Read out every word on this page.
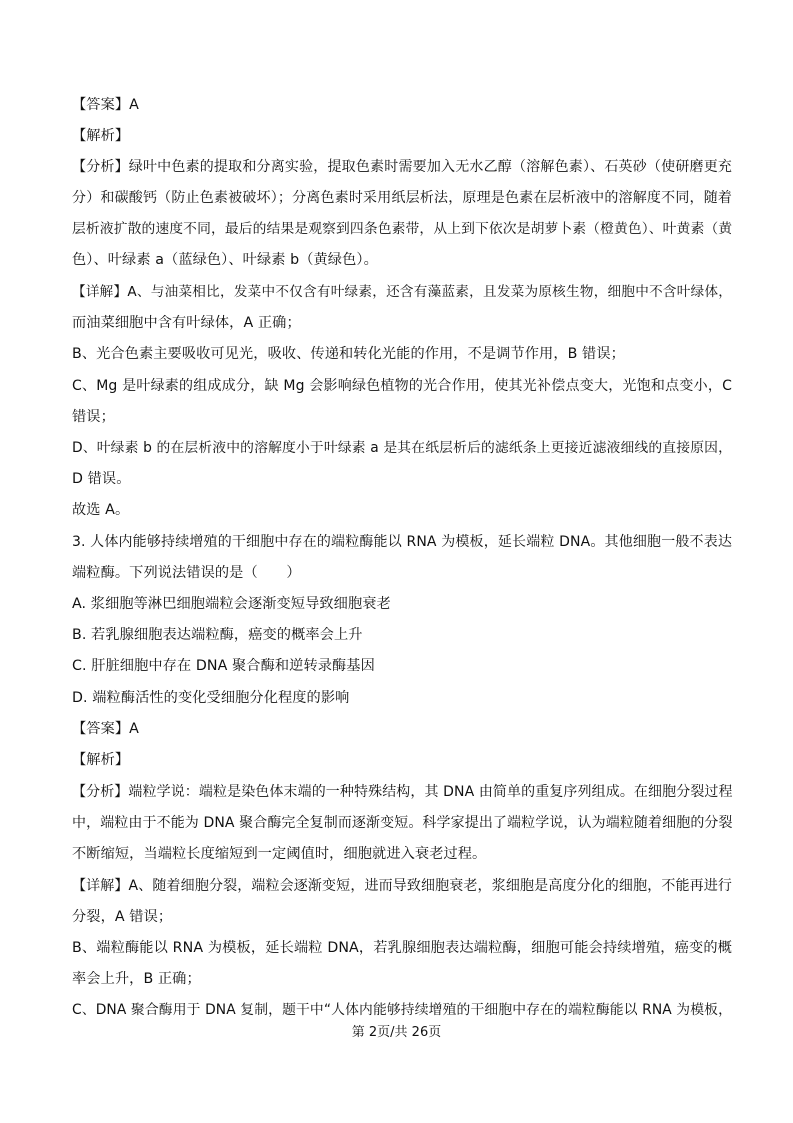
【答案】A
【解析】
【分析】绿叶中色素的提取和分离实验，提取色素时需要加入无水乙醇（溶解色素）、石英砂（使研磨更充
分）和碳酸钙（防止色素被破坏）；分离色素时采用纸层析法，原理是色素在层析液中的溶解度不同，随着
层析液扩散的速度不同，最后的结果是观察到四条色素带，从上到下依次是胡萝卜素（橙黄色）、叶黄素（黄
色）、叶绿素 a（蓝绿色）、叶绿素 b（黄绿色）。
【详解】A、与油菜相比，发菜中不仅含有叶绿素，还含有藻蓝素，且发菜为原核生物，细胞中不含叶绿体，
而油菜细胞中含有叶绿体，A 正确；
B、光合色素主要吸收可见光，吸收、传递和转化光能的作用，不是调节作用，B 错误；
C、Mg 是叶绿素的组成成分，缺 Mg 会影响绿色植物的光合作用，使其光补偿点变大，光饱和点变小，C
错误；
D、叶绿素 b 的在层析液中的溶解度小于叶绿素 a 是其在纸层析后的滤纸条上更接近滤液细线的直接原因，
D 错误。
故选 A。
3. 人体内能够持续增殖的干细胞中存在的端粒酶能以 RNA 为模板，延长端粒 DNA。其他细胞一般不表达
端粒酶。下列说法错误的是（　　）
A. 浆细胞等淋巴细胞端粒会逐渐变短导致细胞衰老
B. 若乳腺细胞表达端粒酶，癌变的概率会上升
C. 肝脏细胞中存在 DNA 聚合酶和逆转录酶基因
D. 端粒酶活性的变化受细胞分化程度的影响
【答案】A
【解析】
【分析】端粒学说：端粒是染色体末端的一种特殊结构，其 DNA 由简单的重复序列组成。在细胞分裂过程
中，端粒由于不能为 DNA 聚合酶完全复制而逐渐变短。科学家提出了端粒学说，认为端粒随着细胞的分裂
不断缩短，当端粒长度缩短到一定阈值时，细胞就进入衰老过程。
【详解】A、随着细胞分裂，端粒会逐渐变短，进而导致细胞衰老，浆细胞是高度分化的细胞，不能再进行
分裂，A 错误；
B、端粒酶能以 RNA 为模板，延长端粒 DNA，若乳腺细胞表达端粒酶，细胞可能会持续增殖，癌变的概
率会上升，B 正确；
C、DNA 聚合酶用于 DNA 复制，题干中“人体内能够持续增殖的干细胞中存在的端粒酶能以 RNA 为模板，
第 2页/共 26页
